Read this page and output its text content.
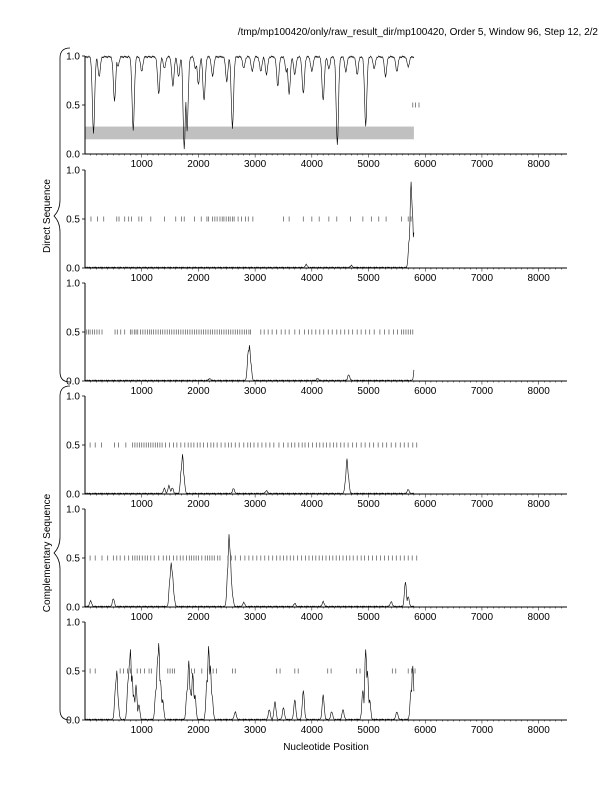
/tmp/mp100420/only/raw_result_dir/mp100420, Order 5, Window 96, Step 12, 2/2
0.0
0.5
1.0
1000	2000	3000	4000	5000	6000	7000	8000
0.0
0.5
1.0
1000	2000	3000	4000	5000	6000	7000	8000
0.0
0.5
1.0
1000	2000	3000	4000	5000	6000	7000	8000
0.0
0.5
1.0
1000	2000	3000	4000	5000	6000	7000	8000
0.0
0.5
1.0
1000	2000	3000	4000	5000	6000	7000	8000
0.0
0.5
1.0
1000	2000	3000	4000	5000	6000	7000	8000
Nucleotide Position
Direct Sequence
Complementary Sequence
